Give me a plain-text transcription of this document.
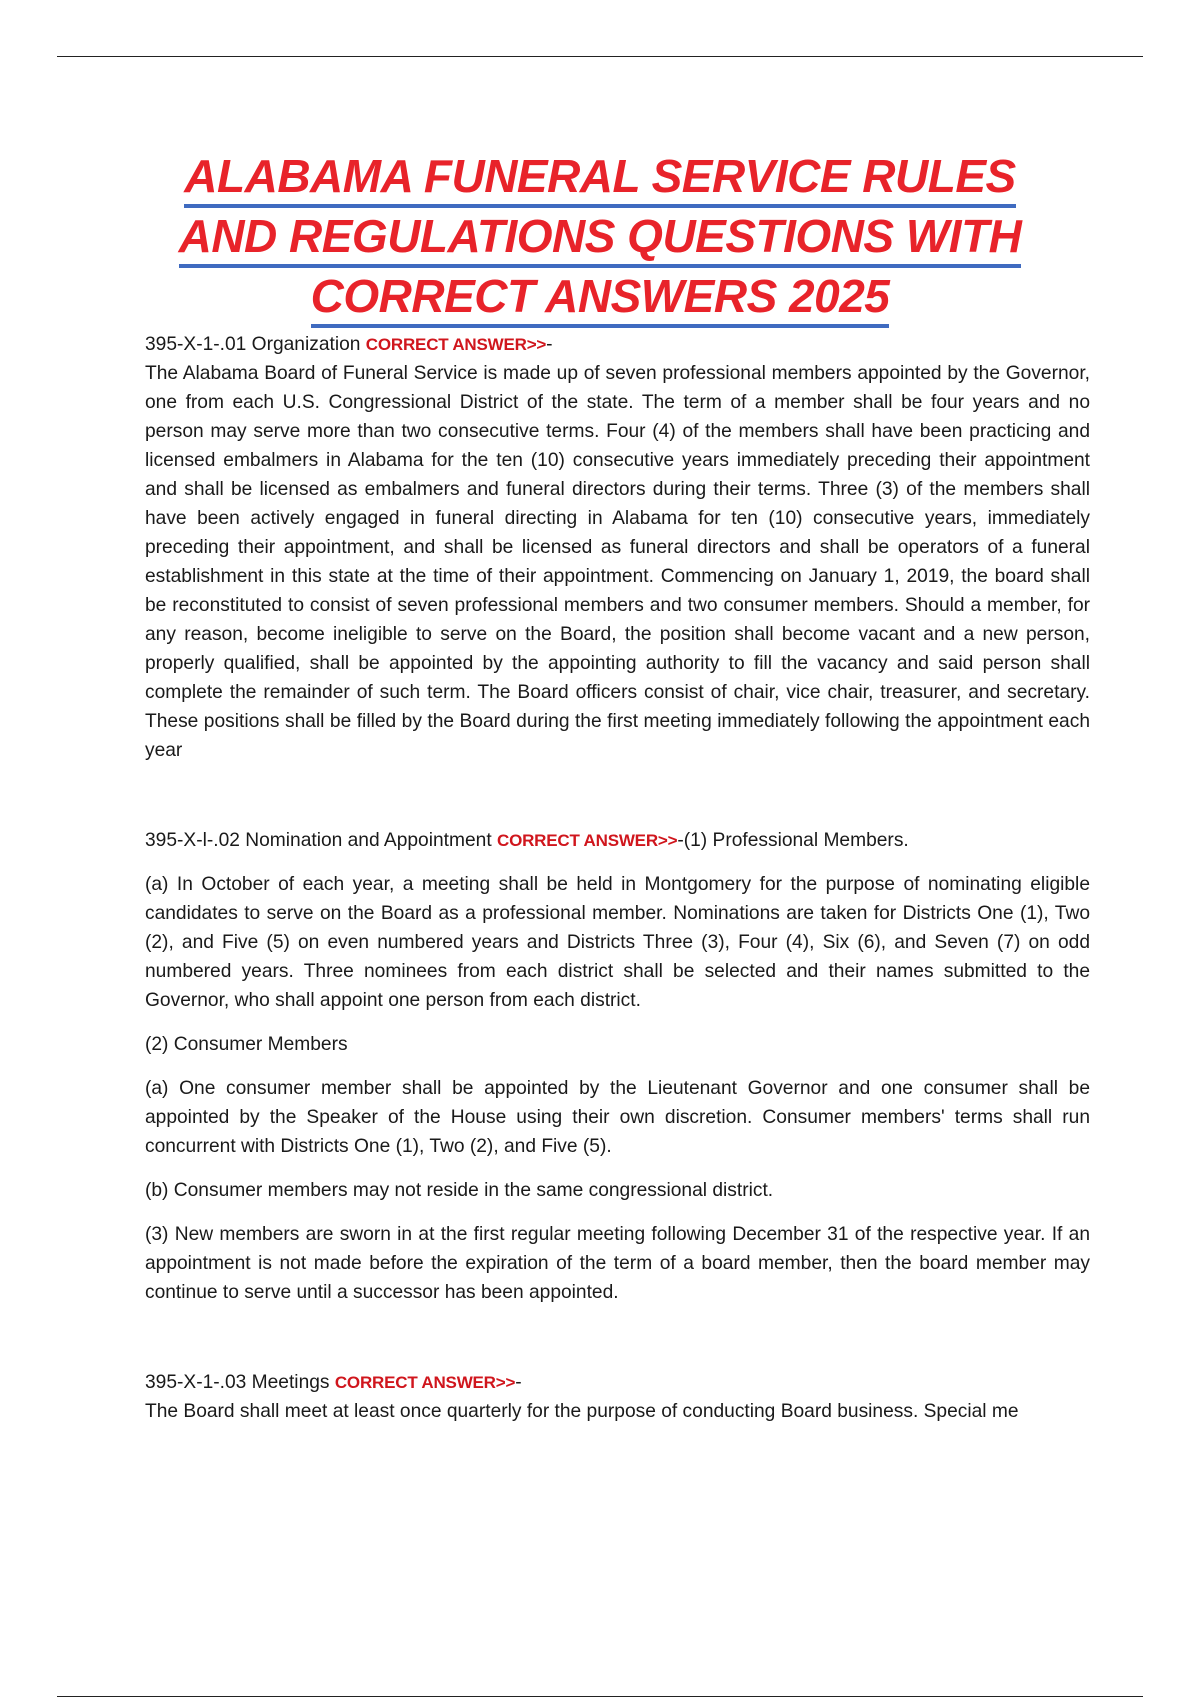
ALABAMA FUNERAL SERVICE RULES
AND REGULATIONS QUESTIONS WITH
CORRECT ANSWERS 2025
395-X-1-.01 Organization CORRECT ANSWER>>-

The Alabama Board of Funeral Service is made up of seven professional members appointed by the Governor, one from each U.S. Congressional District of the state. The term of a member shall be four years and no person may serve more than two consecutive terms. Four (4) of the members shall have been practicing and licensed embalmers in Alabama for the ten (10) consecutive years immediately preceding their appointment and shall be licensed as embalmers and funeral directors during their terms. Three (3) of the members shall have been actively engaged in funeral directing in Alabama for ten (10) consecutive years, immediately preceding their appointment, and shall be licensed as funeral directors and shall be operators of a funeral establishment in this state at the time of their appointment. Commencing on January 1, 2019, the board shall be reconstituted to consist of seven professional members and two consumer members. Should a member, for any reason, become ineligible to serve on the Board, the position shall become vacant and a new person, properly qualified, shall be appointed by the appointing authority to fill the vacancy and said person shall complete the remainder of such term. The Board officers consist of chair, vice chair, treasurer, and secretary. These positions shall be filled by the Board during the first meeting immediately following the appointment each year

395-X-l-.02 Nomination and Appointment CORRECT ANSWER>>-(1) Professional Members.

(a) In October of each year, a meeting shall be held in Montgomery for the purpose of nominating eligible candidates to serve on the Board as a professional member. Nominations are taken for Districts One (1), Two (2), and Five (5) on even numbered years and Districts Three (3), Four (4), Six (6), and Seven (7) on odd numbered years. Three nominees from each district shall be selected and their names submitted to the Governor, who shall appoint one person from each district.

(2) Consumer Members

(a) One consumer member shall be appointed by the Lieutenant Governor and one consumer shall be appointed by the Speaker of the House using their own discretion. Consumer members' terms shall run concurrent with Districts One (1), Two (2), and Five (5).

(b) Consumer members may not reside in the same congressional district.

(3) New members are sworn in at the first regular meeting following December 31 of the respective year. If an appointment is not made before the expiration of the term of a board member, then the board member may continue to serve until a successor has been appointed.

395-X-1-.03 Meetings CORRECT ANSWER>>-

The Board shall meet at least once quarterly for the purpose of conducting Board business. Special me
